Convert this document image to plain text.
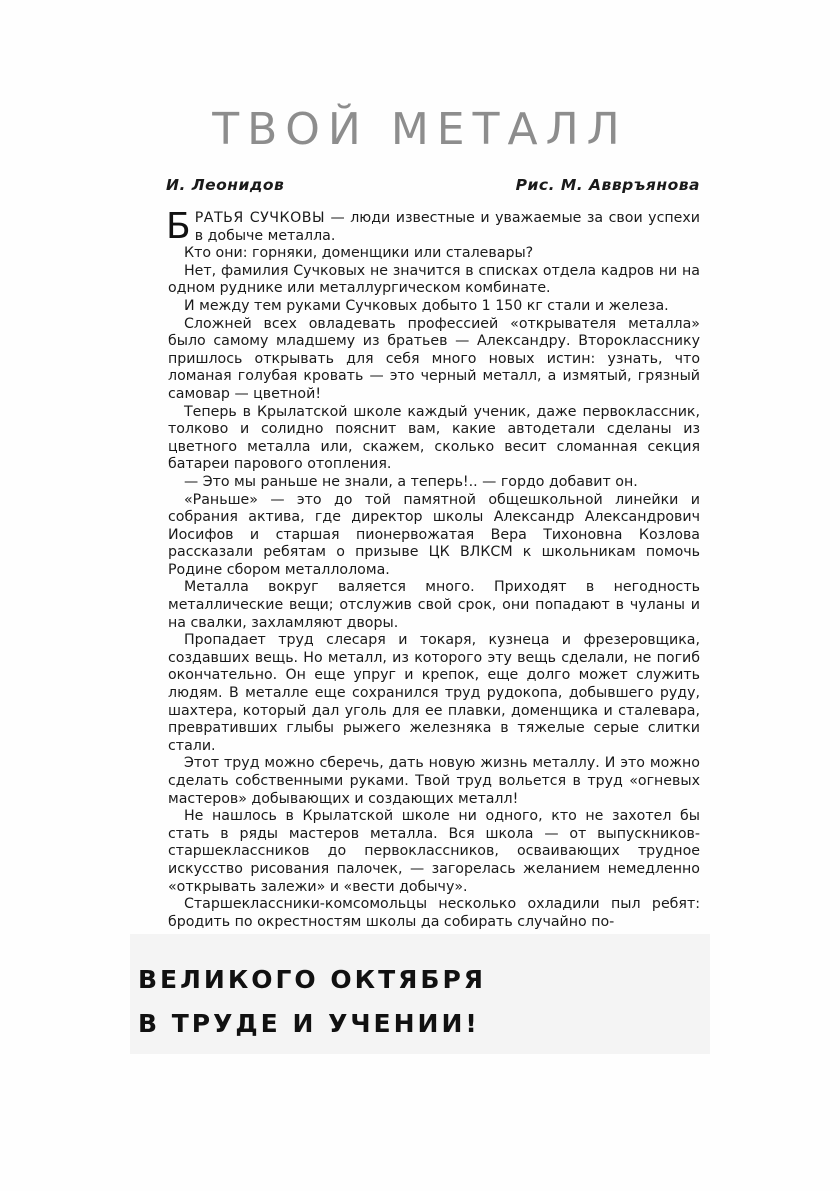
ТВОЙ МЕТАЛЛ
И. Леонидов	Рис. М. Аввръянова

БРАТЬЯ СУЧКОВЫ — люди известные и уважаемые за свои успехи в добыче металла.

Кто они: горняки, доменщики или сталевары?

Нет, фамилия Сучковых не значится в списках отдела кадров ни на одном руднике или металлургическом комбинате.

И между тем руками Сучковых добыто 1 150 кг стали и железа.

Сложней всех овладевать профессией «открывателя металла» было самому младшему из братьев — Александру. Второкласснику пришлось открывать для себя много новых истин: узнать, что ломаная голубая кровать — это черный металл, а измятый, грязный самовар — цветной!

Теперь в Крылатской школе каждый ученик, даже первоклассник, толково и солидно пояснит вам, какие автодетали сделаны из цветного металла или, скажем, сколько весит сломанная секция батареи парового отопления.

— Это мы раньше не знали, а теперь!.. — гордо добавит он.

«Раньше» — это до той памятной общешкольной линейки и собрания актива, где директор школы Александр Александрович Иосифов и старшая пионервожатая Вера Тихоновна Козлова рассказали ребятам о призыве ЦК ВЛКСМ к школьникам помочь Родине сбором металлолома.

Металла вокруг валяется много. Приходят в негодность металлические вещи; отслужив свой срок, они попадают в чуланы и на свалки, захламляют дворы.

Пропадает труд слесаря и токаря, кузнеца и фрезеровщика, создавших вещь. Но металл, из которого эту вещь сделали, не погиб окончательно. Он еще упруг и крепок, еще долго может служить людям. В металле еще сохранился труд рудокопа, добывшего руду, шахтера, который дал уголь для ее плавки, доменщика и сталевара, превративших глыбы рыжего железняка в тяжелые серые слитки стали.

Этот труд можно сберечь, дать новую жизнь металлу. И это можно сделать собственными руками. Твой труд вольется в труд «огневых мастеров» добывающих и создающих металл!

Не нашлось в Крылатской школе ни одного, кто не захотел бы стать в ряды мастеров металла. Вся школа — от выпускников-старшеклассников до первоклассников, осваивающих трудное искусство рисования палочек, — загорелась желанием немедленно «открывать залежи» и «вести добычу».

Старшеклассники-комсомольцы несколько охладили пыл ребят: бродить по окрестностям школы да собирать случайно по-

ВЕЛИКОГО ОКТЯБРЯ
В ТРУДЕ И УЧЕНИИ!
